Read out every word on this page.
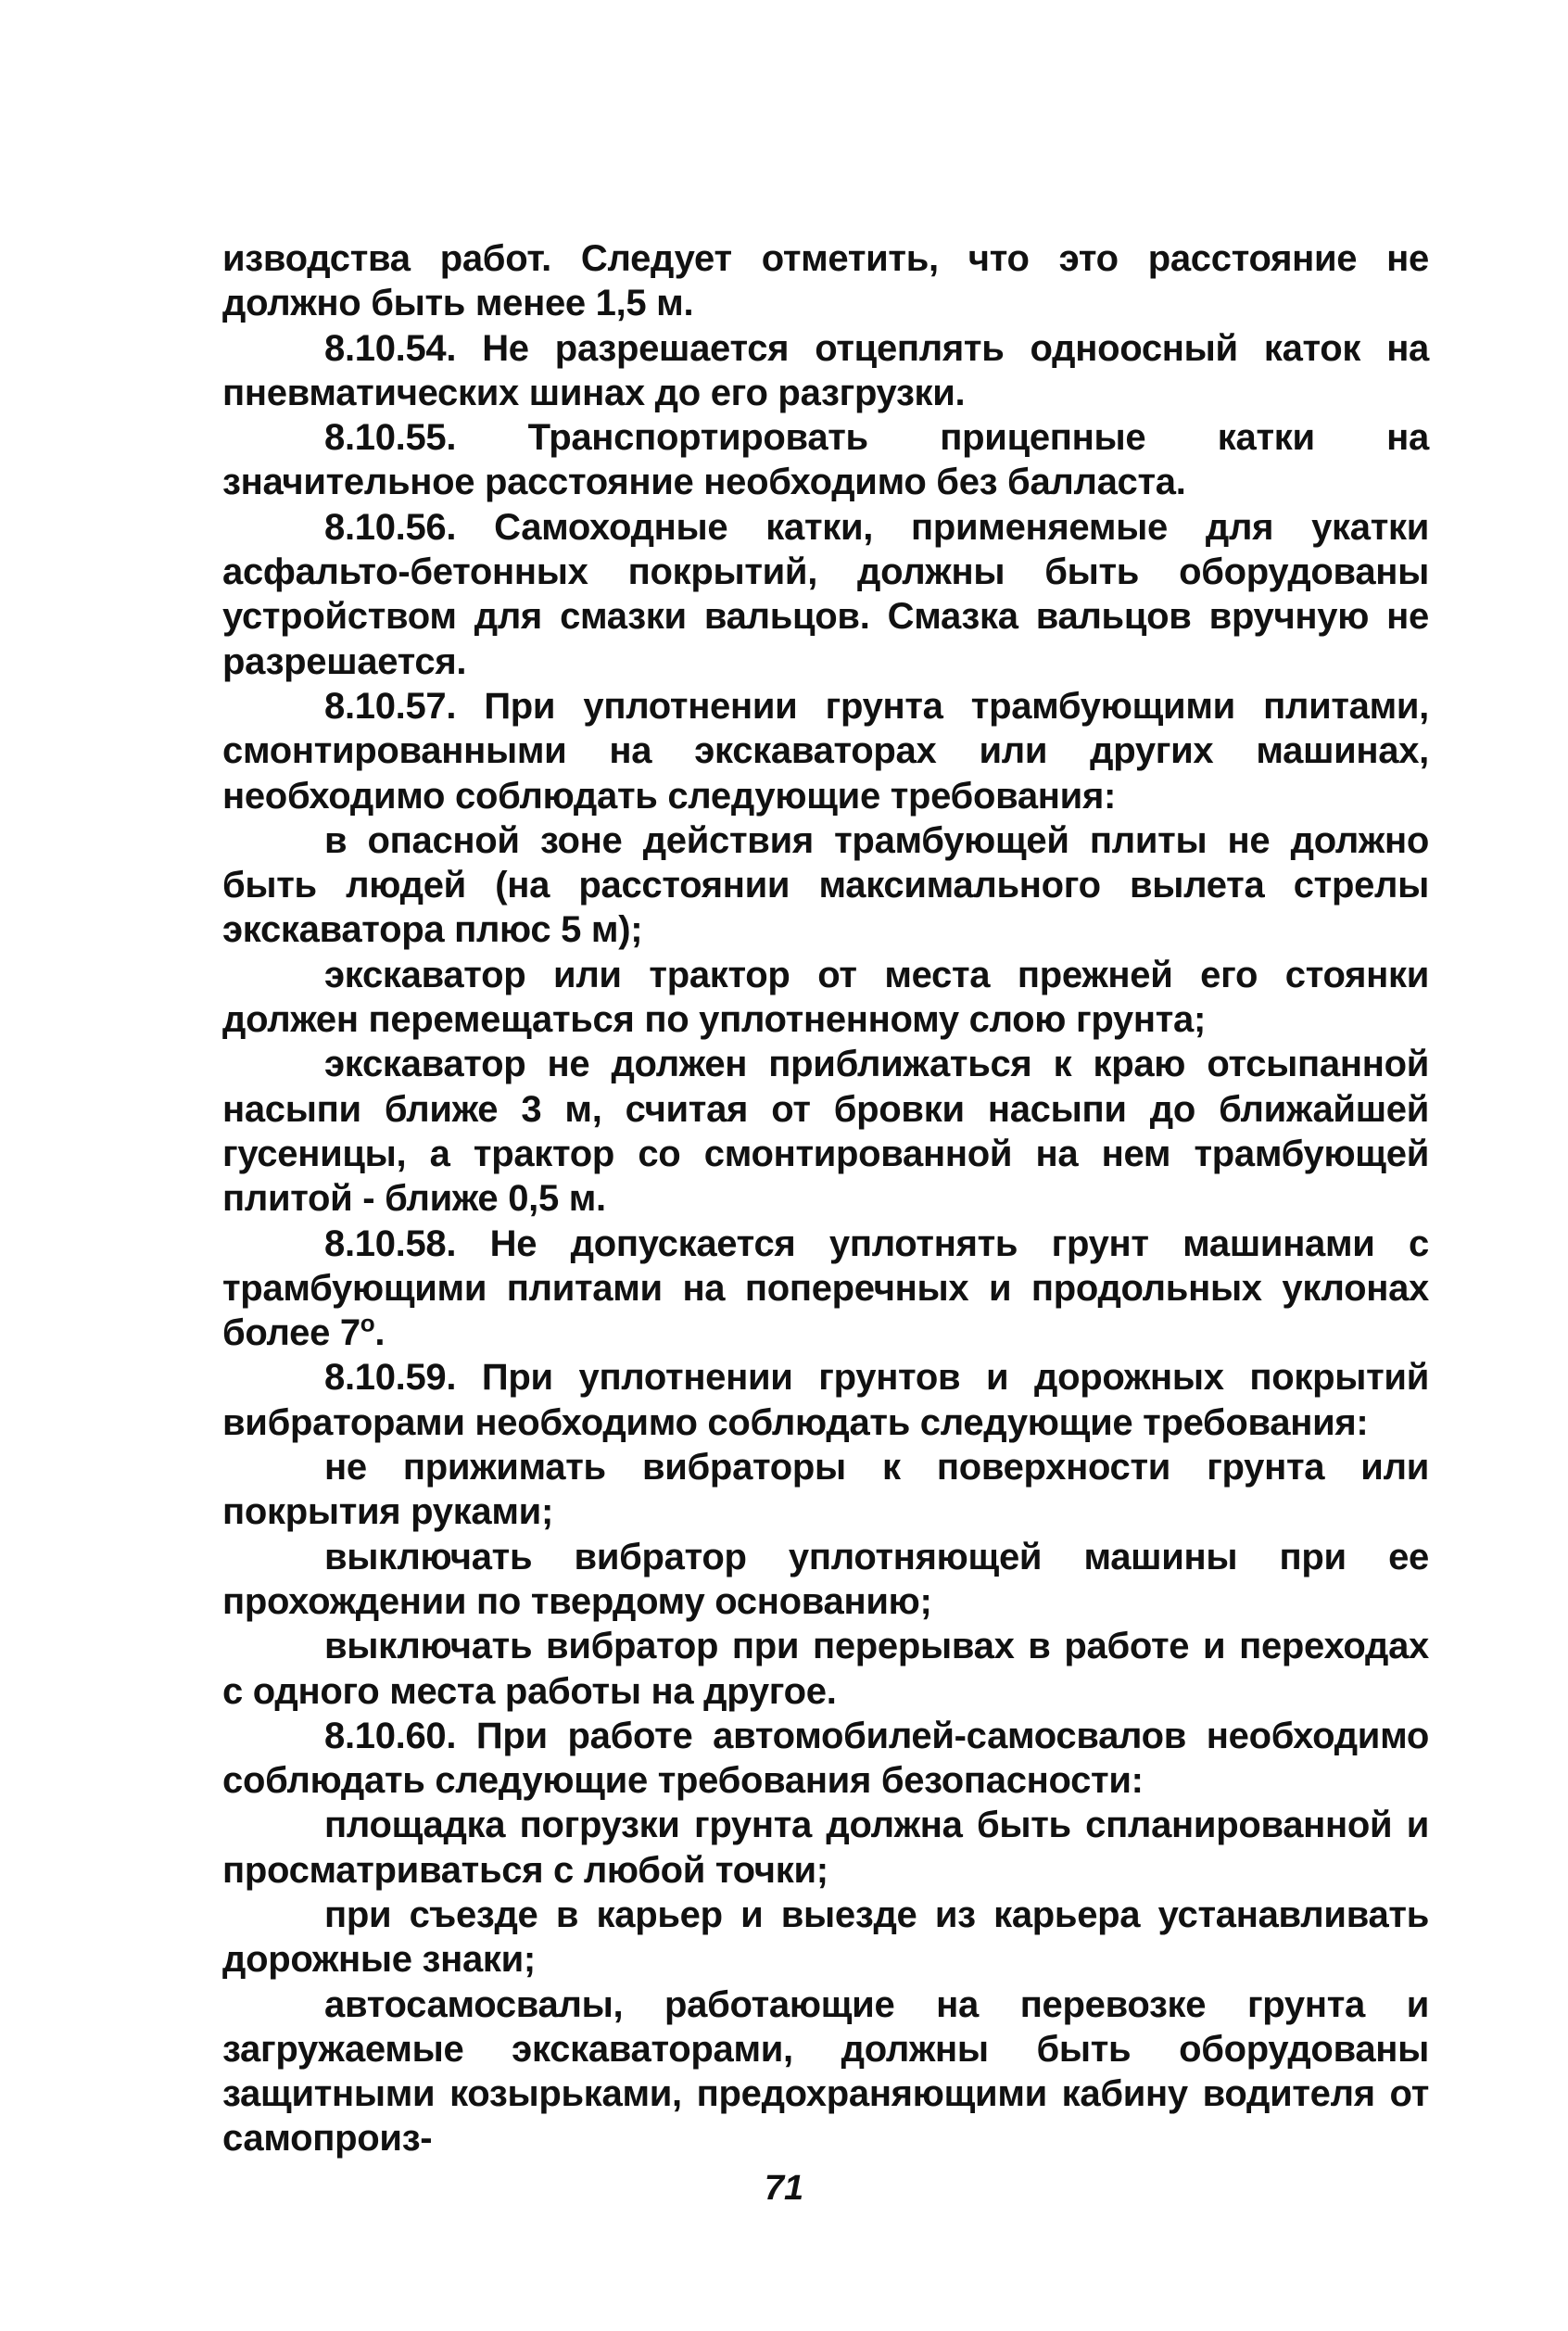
изводства работ. Следует отметить, что это расстояние не должно быть менее 1,5 м.

8.10.54. Не разрешается отцеплять одноосный каток на пневматических шинах до его разгрузки.

8.10.55. Транспортировать прицепные катки на значительное расстояние необходимо без балласта.

8.10.56. Самоходные катки, применяемые для укатки асфальто-бетонных покрытий, должны быть оборудованы устройством для смазки вальцов. Смазка вальцов вручную не разрешается.

8.10.57. При уплотнении грунта трамбующими плитами, смонтированными на экскаваторах или других машинах, необходимо соблюдать следующие требования:

в опасной зоне действия трамбующей плиты не должно быть людей (на расстоянии максимального вылета стрелы экскаватора плюс 5 м);

экскаватор или трактор от места прежней его стоянки должен перемещаться по уплотненному слою грунта;

экскаватор не должен приближаться к краю отсыпанной насыпи ближе 3 м, считая от бровки насыпи до ближайшей гусеницы, а трактор со смонтированной на нем трамбующей плитой - ближе 0,5 м.

8.10.58. Не допускается уплотнять грунт машинами с трамбующими плитами на поперечных и продольных уклонах более $7^о$.

8.10.59. При уплотнении грунтов и дорожных покрытий вибраторами необходимо соблюдать следующие требования:

не прижимать вибраторы к поверхности грунта или покрытия руками;

выключать вибратор уплотняющей машины при ее прохождении по твердому основанию;

выключать вибратор при перерывах в работе и переходах с одного места работы на другое.

8.10.60. При работе автомобилей-самосвалов необходимо соблюдать следующие требования безопасности:

площадка погрузки грунта должна быть спланированной и просматриваться с любой точки;

при съезде в карьер и выезде из карьера устанавливать дорожные знаки;

автосамосвалы, работающие на перевозке грунта и загружаемые экскаваторами, должны быть оборудованы защитными козырьками, предохраняющими кабину водителя от самопроиз-

71
